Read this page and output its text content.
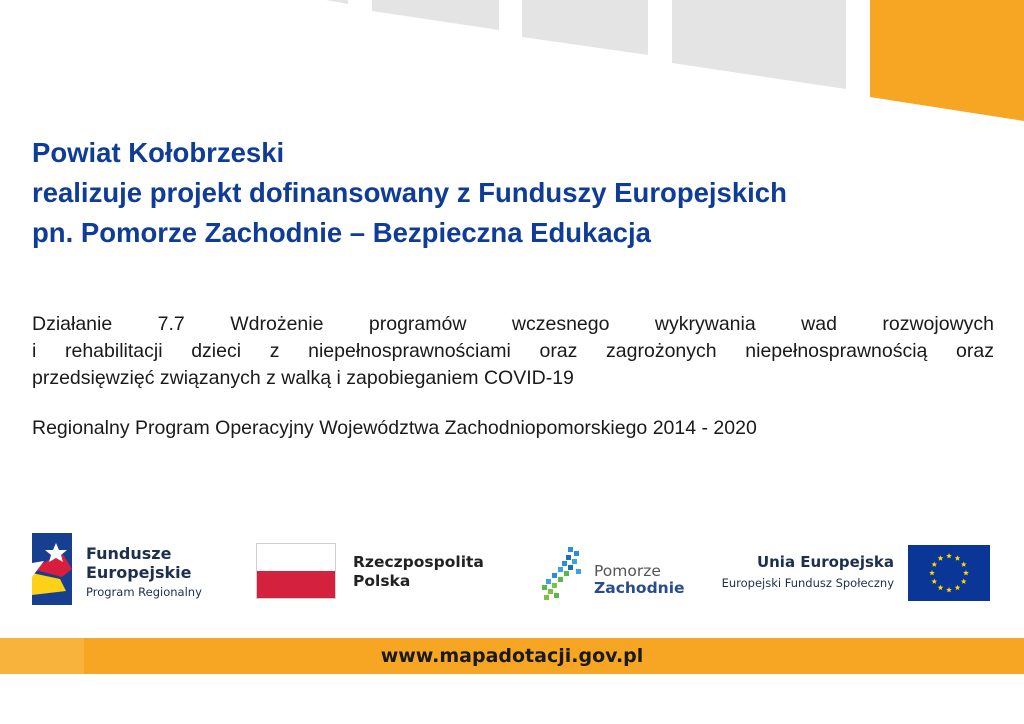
Powiat Kołobrzeski
realizuje projekt dofinansowany z Funduszy Europejskich
pn. Pomorze Zachodnie – Bezpieczna Edukacja
Działanie 7.7 Wdrożenie programów wczesnego wykrywania wad rozwojowych
i rehabilitacji dzieci z niepełnosprawnościami oraz zagrożonych niepełnosprawnością oraz
przedsięwzięć związanych z walką i zapobieganiem COVID-19
Regionalny Program Operacyjny Województwa Zachodniopomorskiego 2014 - 2020
Fundusze
Europejskie
Program Regionalny
Rzeczpospolita
Polska
Pomorze
Zachodnie
Unia Europejska
Europejski Fundusz Społeczny
www.mapadotacji.gov.pl
